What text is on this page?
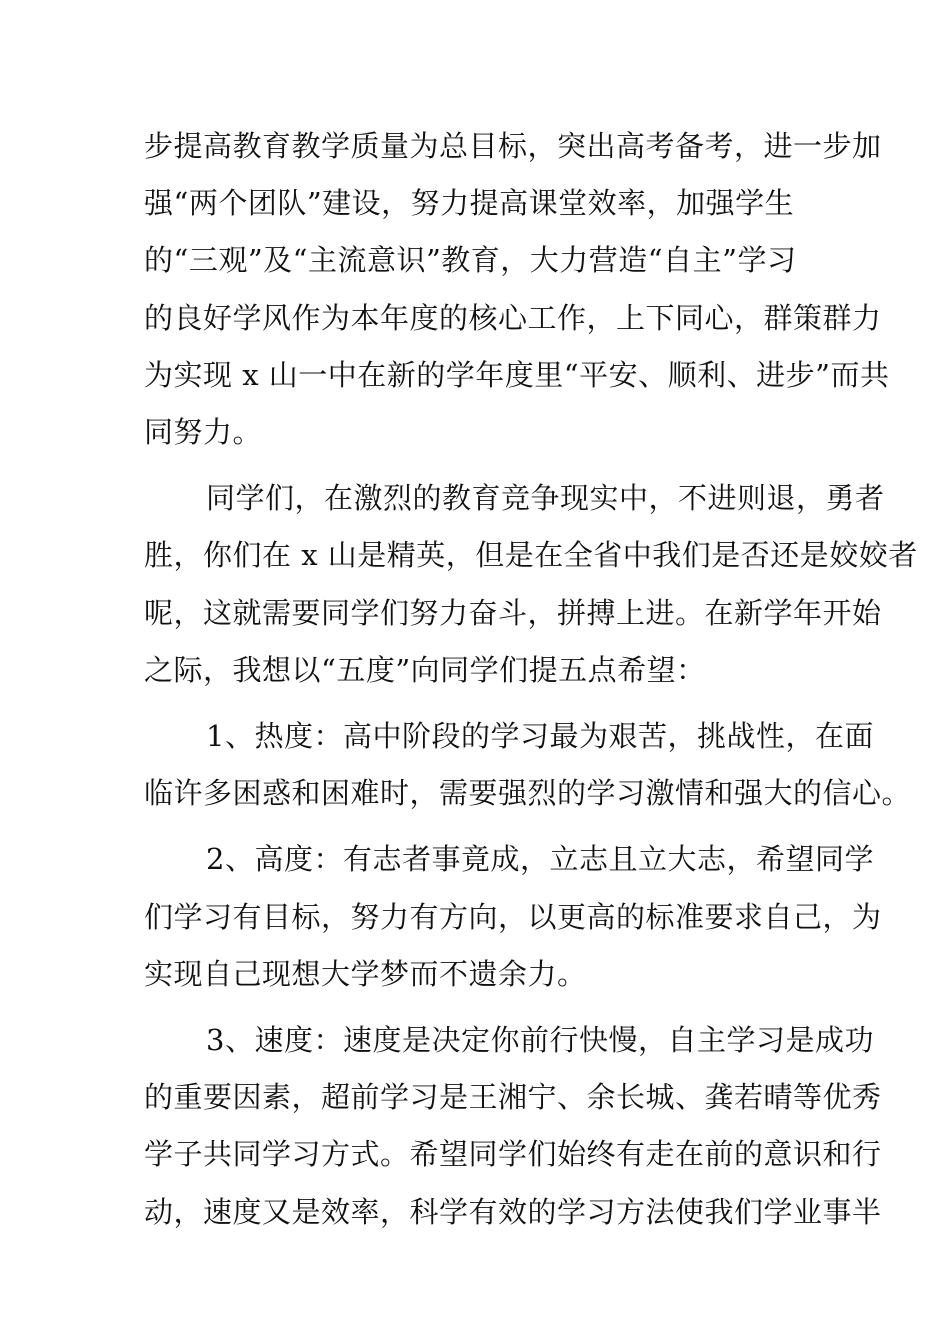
步提高教育教学质量为总目标，突出高考备考，进一步加
强“两个团队”建设，努力提高课堂效率，加强学生
的“三观”及“主流意识”教育，大力营造“自主”学习
的良好学风作为本年度的核心工作，上下同心，群策群力
为实现 x 山一中在新的学年度里“平安、顺利、进步”而共
同努力。
同学们，在激烈的教育竞争现实中，不进则退，勇者
胜，你们在 x 山是精英，但是在全省中我们是否还是姣姣者
呢，这就需要同学们努力奋斗，拼搏上进。在新学年开始
之际，我想以“五度”向同学们提五点希望：
1、热度：高中阶段的学习最为艰苦，挑战性，在面
临许多困惑和困难时，需要强烈的学习激情和强大的信心。
2、高度：有志者事竟成，立志且立大志，希望同学
们学习有目标，努力有方向，以更高的标准要求自己，为
实现自己现想大学梦而不遗余力。
3、速度：速度是决定你前行快慢，自主学习是成功
的重要因素，超前学习是王湘宁、余长城、龚若晴等优秀
学子共同学习方式。希望同学们始终有走在前的意识和行
动，速度又是效率，科学有效的学习方法使我们学业事半
